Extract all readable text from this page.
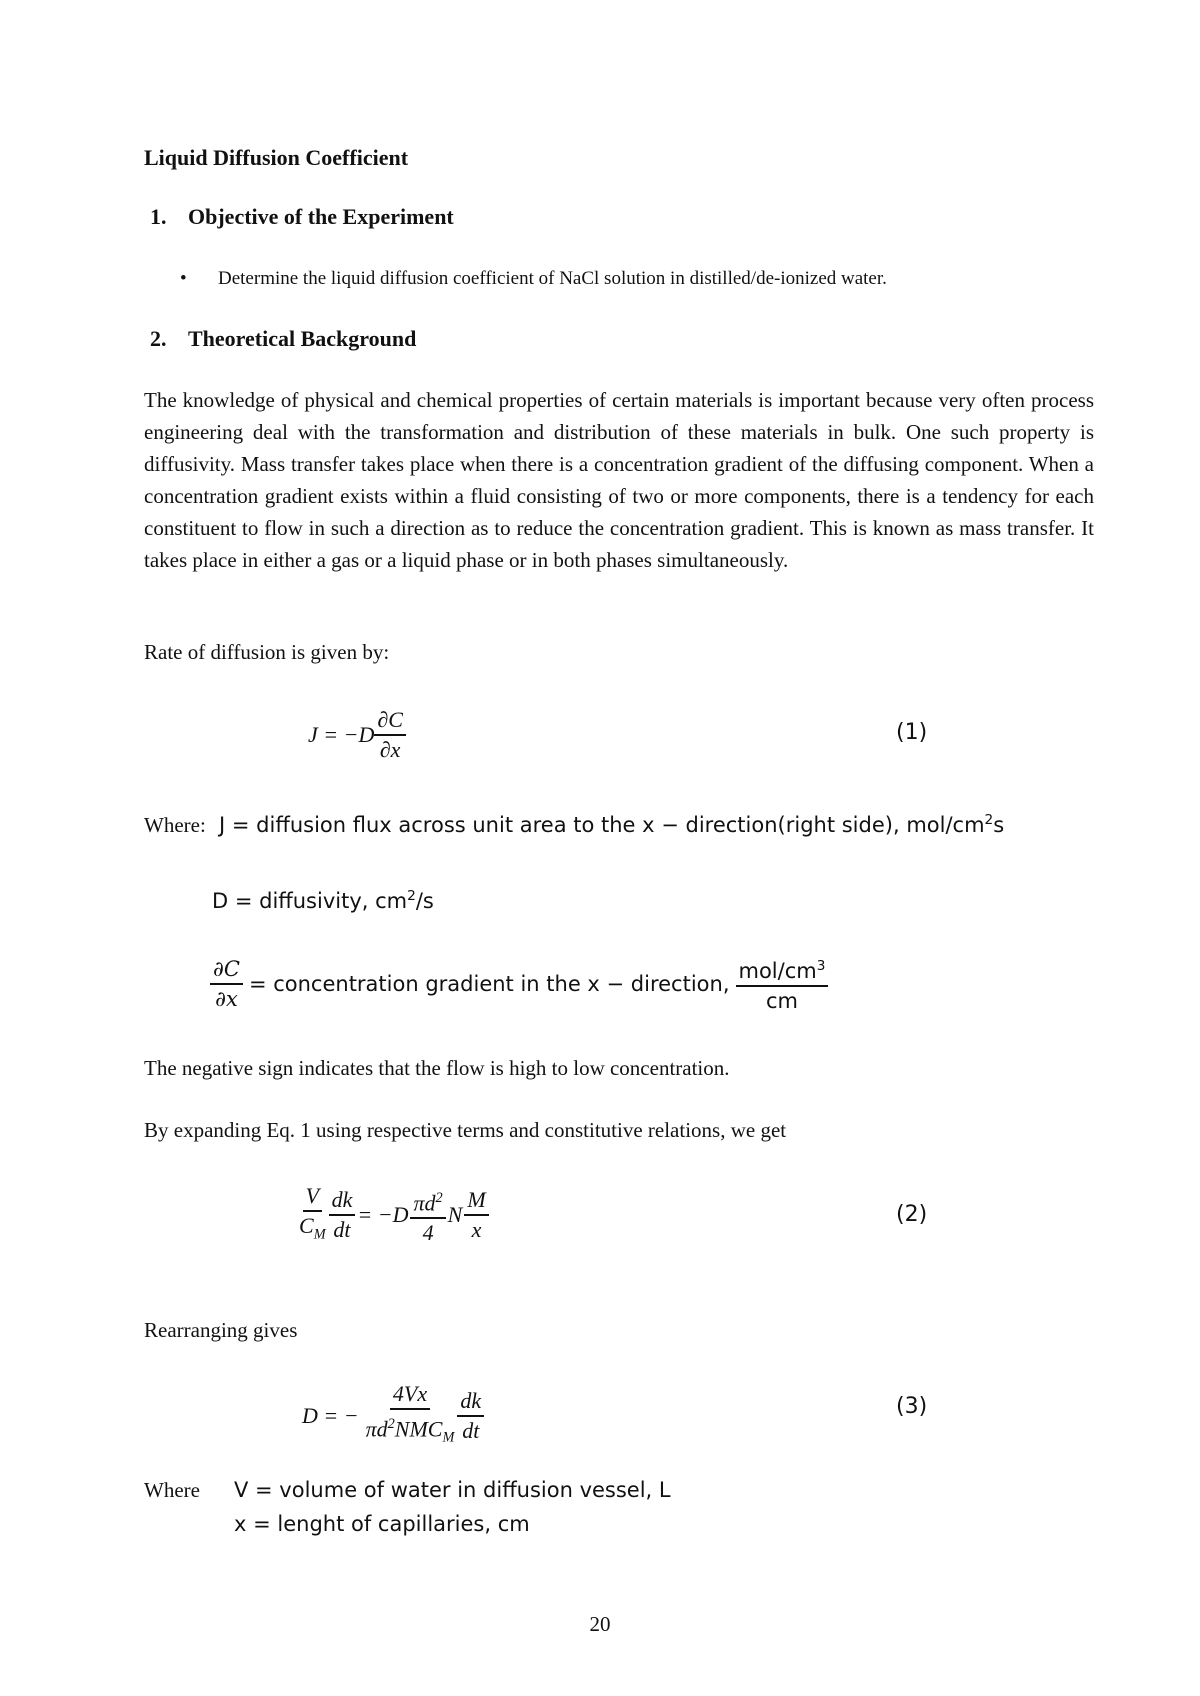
Liquid Diffusion Coefficient
1. Objective of the Experiment
• Determine the liquid diffusion coefficient of NaCl solution in distilled/de-ionized water.
2. Theoretical Background
The knowledge of physical and chemical properties of certain materials is important because very often process engineering deal with the transformation and distribution of these materials in bulk. One such property is diffusivity. Mass transfer takes place when there is a concentration gradient of the diffusing component. When a concentration gradient exists within a fluid consisting of two or more components, there is a tendency for each constituent to flow in such a direction as to reduce the concentration gradient. This is known as mass transfer. It takes place in either a gas or a liquid phase or in both phases simultaneously.
Rate of diffusion is given by:
$J = -D \frac{\partial C}{\partial x}$	(1)
Where: J = diffusion flux across unit area to the x − direction(right side), mol/$cm^2s$
D = diffusivity, $cm^2/s$
$\frac{\partial C}{\partial x}$ = concentration gradient in the x − direction, $\frac{mol/cm^3}{cm}$
The negative sign indicates that the flow is high to low concentration.
By expanding Eq. 1 using respective terms and constitutive relations, we get
$\frac{V}{C_M} \frac{dk}{dt} = -D \frac{\pi d^2}{4}$ N $\frac{M}{x}$	(2)
Rearranging gives
D = − $\frac{4Vx}{\pi d^2NMC_M} \frac{dk}{dt}$	(3)
Where V = volume of water in diffusion vessel, L
x = lenght of capillaries, cm
20
